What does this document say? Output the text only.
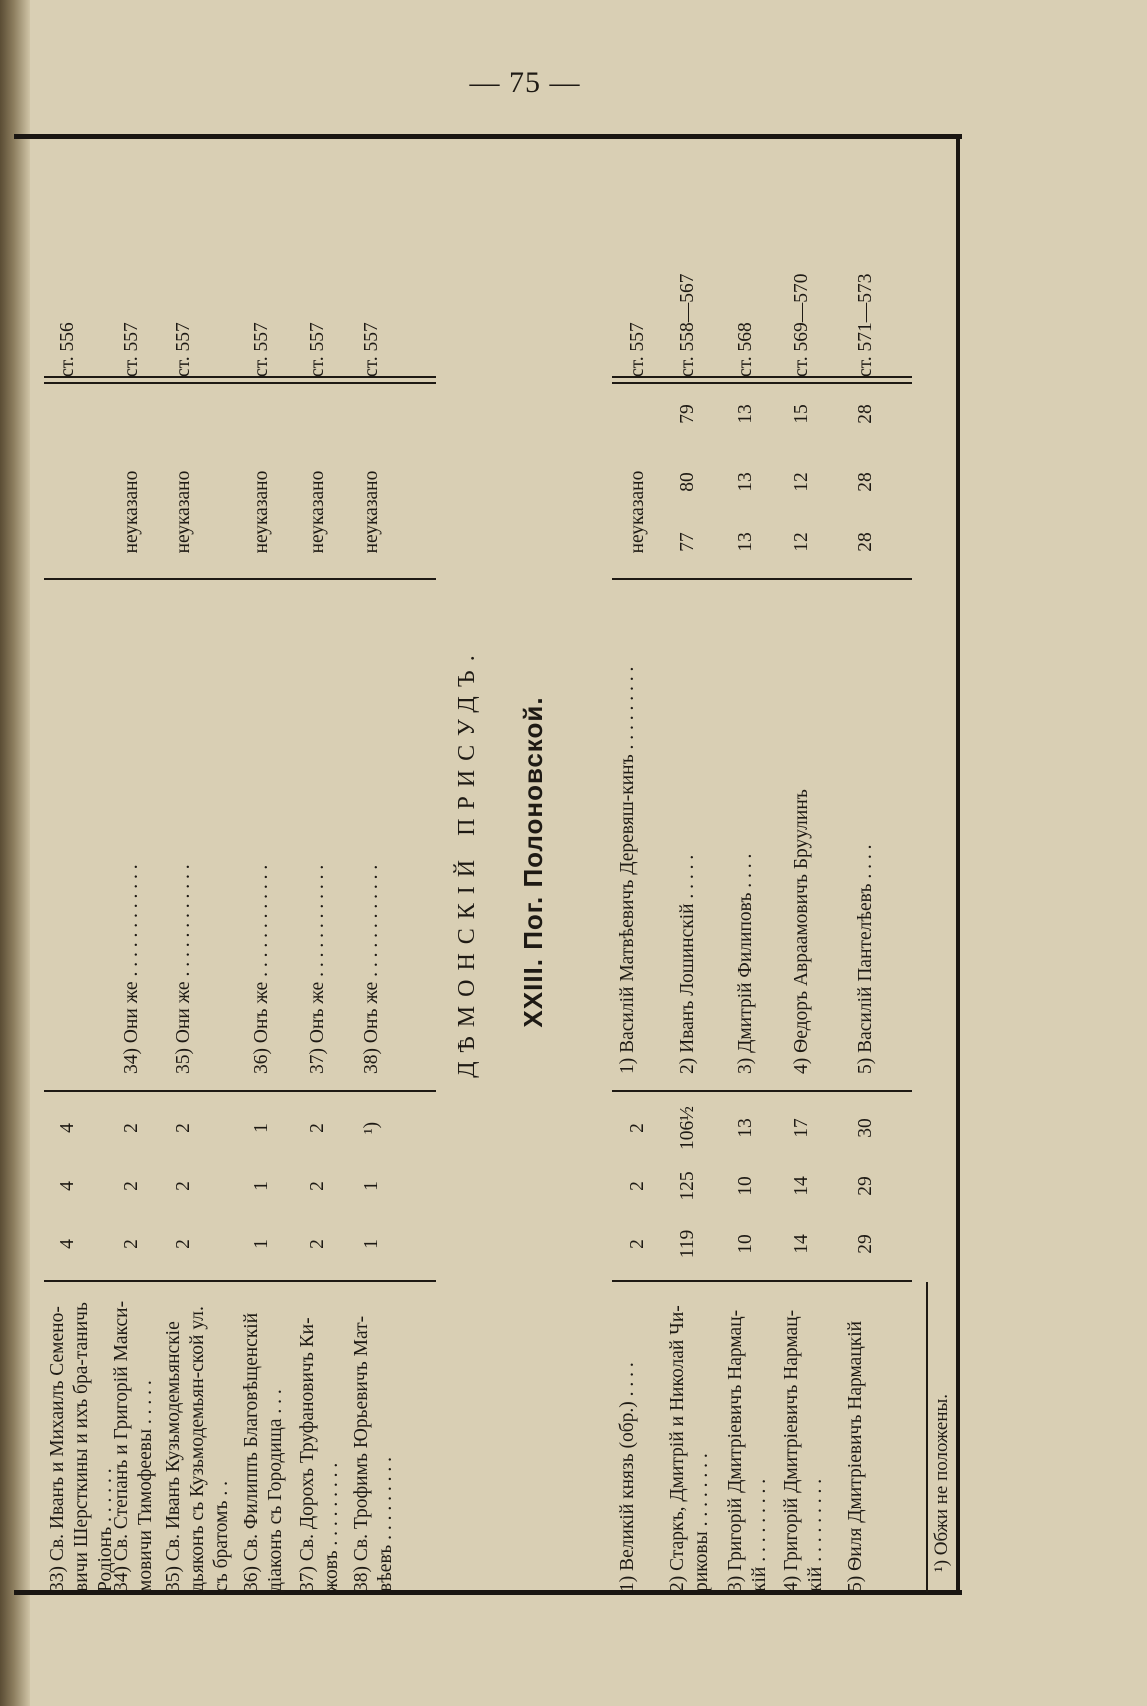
— 75 —
ДѢМОНСКІЙ ПРИСУДЪ. XXIII. Пог. Полоновской.
¹) Обжи не положены.
33) Св. Иванъ и Михаилъ Семено-вичи Шерсткины и ихъ бра-таничь Родіонъ . . . . . .
4
4
4
ст. 556
34) Св. Степанъ и Григорій Макси-мовичи Тимофеевы . . . . .
2
2
2
34) Они же . . . . . . . . . . . .
неуказано
ст. 557
35) Св. Иванъ Кузьмодемьянскіе дьяконъ съ Кузьмодемьян-ской ул. съ братомъ . .
2
2
2
35) Они же . . . . . . . . . . . .
неуказано
ст. 557
36) Св. Филиппъ Благовѣщенскій діаконъ съ Городища . . .
1
1
1
36) Онъ же . . . . . . . . . . . .
неуказано
ст. 557
37) Св. Дорохъ Труфановичъ Ки-жовъ . . . . . . . . .
2
2
2
37) Онъ же . . . . . . . . . . . .
неуказано
ст. 557
38) Св. Трофимъ Юрьевичъ Мат-вѣевъ . . . . . . . . .
1
1
¹)
38) Онъ же . . . . . . . . . . . .
неуказано
ст. 557
1) Великій князь (обр.) . . . .
2
2
2
1) Василій Матвѣевичъ Деревяш-кинъ . . . . . . . . .
неуказано
ст. 557
2) Старкъ, Дмитрій и Николай Чи-риковы . . . . . . . .
119
125
106½
2) Иванъ Лошинскій . . . . .
77
80
79
ст. 558—567
3) Григорій Дмитріевичъ Нармац-кій . . . . . . . . .
10
10
13
3) Дмитрій Филиповъ . . . .
13
13
13
ст. 568
4) Григорій Дмитріевичъ Нармац-кій . . . . . . . . .
14
14
17
4) Ѳедоръ Авраамовичъ Бруулинъ
12
12
15
ст. 569—570
5) Ѳиля Дмитріевичъ Нармацкій
29
29
30
5) Василій Пантелѣевъ . . . .
28
28
28
ст. 571—573
